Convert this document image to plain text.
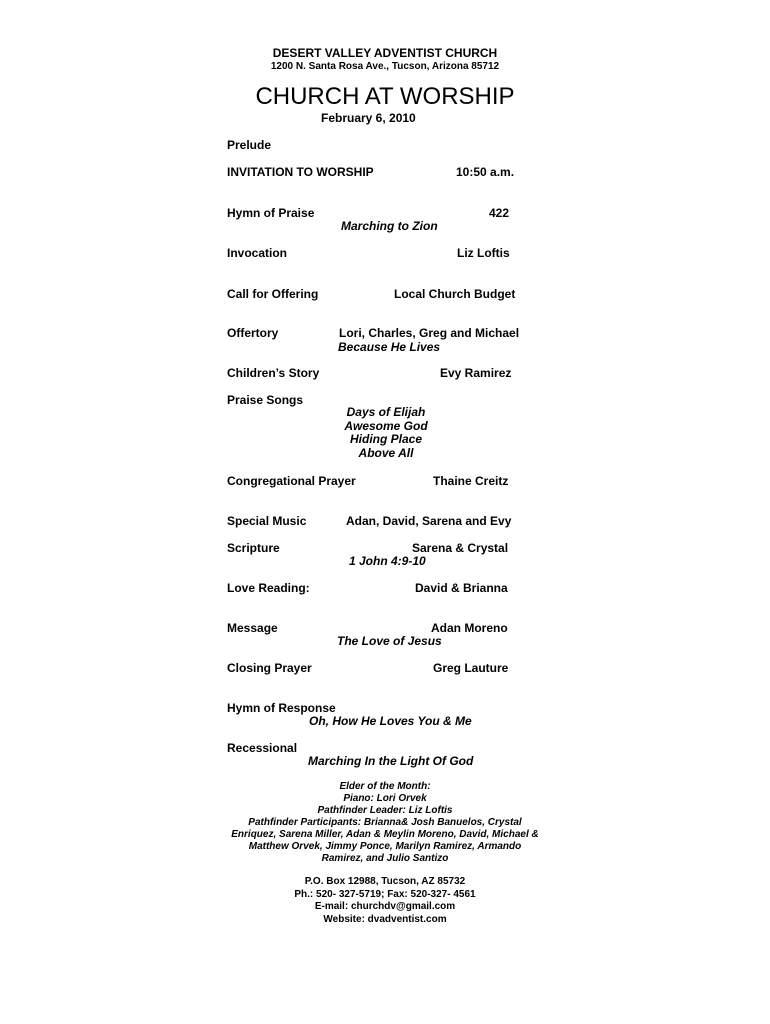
DESERT VALLEY ADVENTIST CHURCH
1200 N. Santa Rosa Ave., Tucson, Arizona 85712
CHURCH AT WORSHIP
February 6, 2010
Prelude
INVITATION TO WORSHIP	10:50 a.m.
Hymn of Praise	422
Marching to Zion
Invocation	Liz Loftis
Call for Offering	Local Church Budget
Offertory	Lori, Charles, Greg and Michael
Because He Lives
Children’s Story	Evy Ramirez
Praise Songs
Days of Elijah
Awesome God
Hiding Place
Above All
Congregational Prayer	Thaine Creitz
Special Music	Adan, David, Sarena and Evy
Scripture	Sarena & Crystal
1 John 4:9-10
Love Reading:	David & Brianna
Message	Adan Moreno
The Love of Jesus
Closing Prayer	Greg Lauture
Hymn of Response
Oh, How He Loves You & Me
Recessional
Marching In the Light Of God
Elder of the Month:
Piano: Lori Orvek
Pathfinder Leader: Liz Loftis
Pathfinder Participants: Brianna& Josh Banuelos, Crystal
Enriquez, Sarena Miller, Adan & Meylin Moreno, David, Michael &
Matthew Orvek, Jimmy Ponce, Marilyn Ramirez, Armando
Ramirez, and Julio Santizo
P.O. Box 12988, Tucson, AZ 85732
Ph.: 520- 327-5719; Fax: 520-327- 4561
E-mail: churchdv@gmail.com
Website: dvadventist.com
